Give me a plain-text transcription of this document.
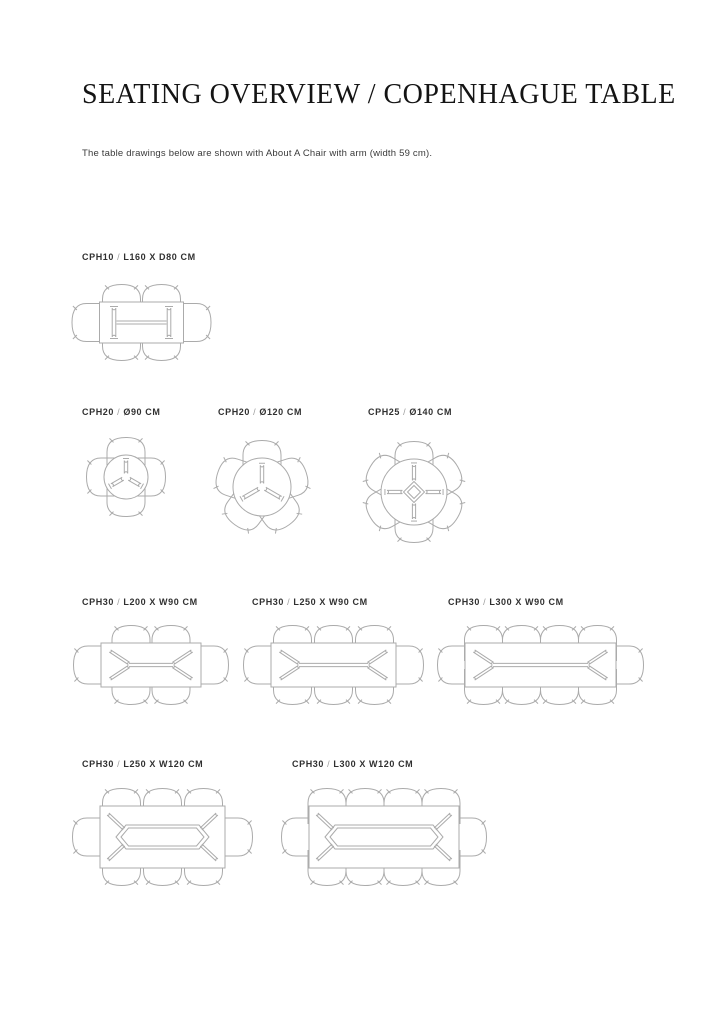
SEATING OVERVIEW / COPENHAGUE TABLE

The table drawings below are shown with About A Chair with arm (width 59 cm).

CPH10 / L160 X D80 CM
CPH20 / Ø90 CM	CPH20 / Ø120 CM	CPH25 / Ø140 CM
CPH30 / L200 X W90 CM	CPH30 / L250 X W90 CM	CPH30 / L300 X W90 CM
CPH30 / L250 X W120 CM	CPH30 / L300 X W120 CM
